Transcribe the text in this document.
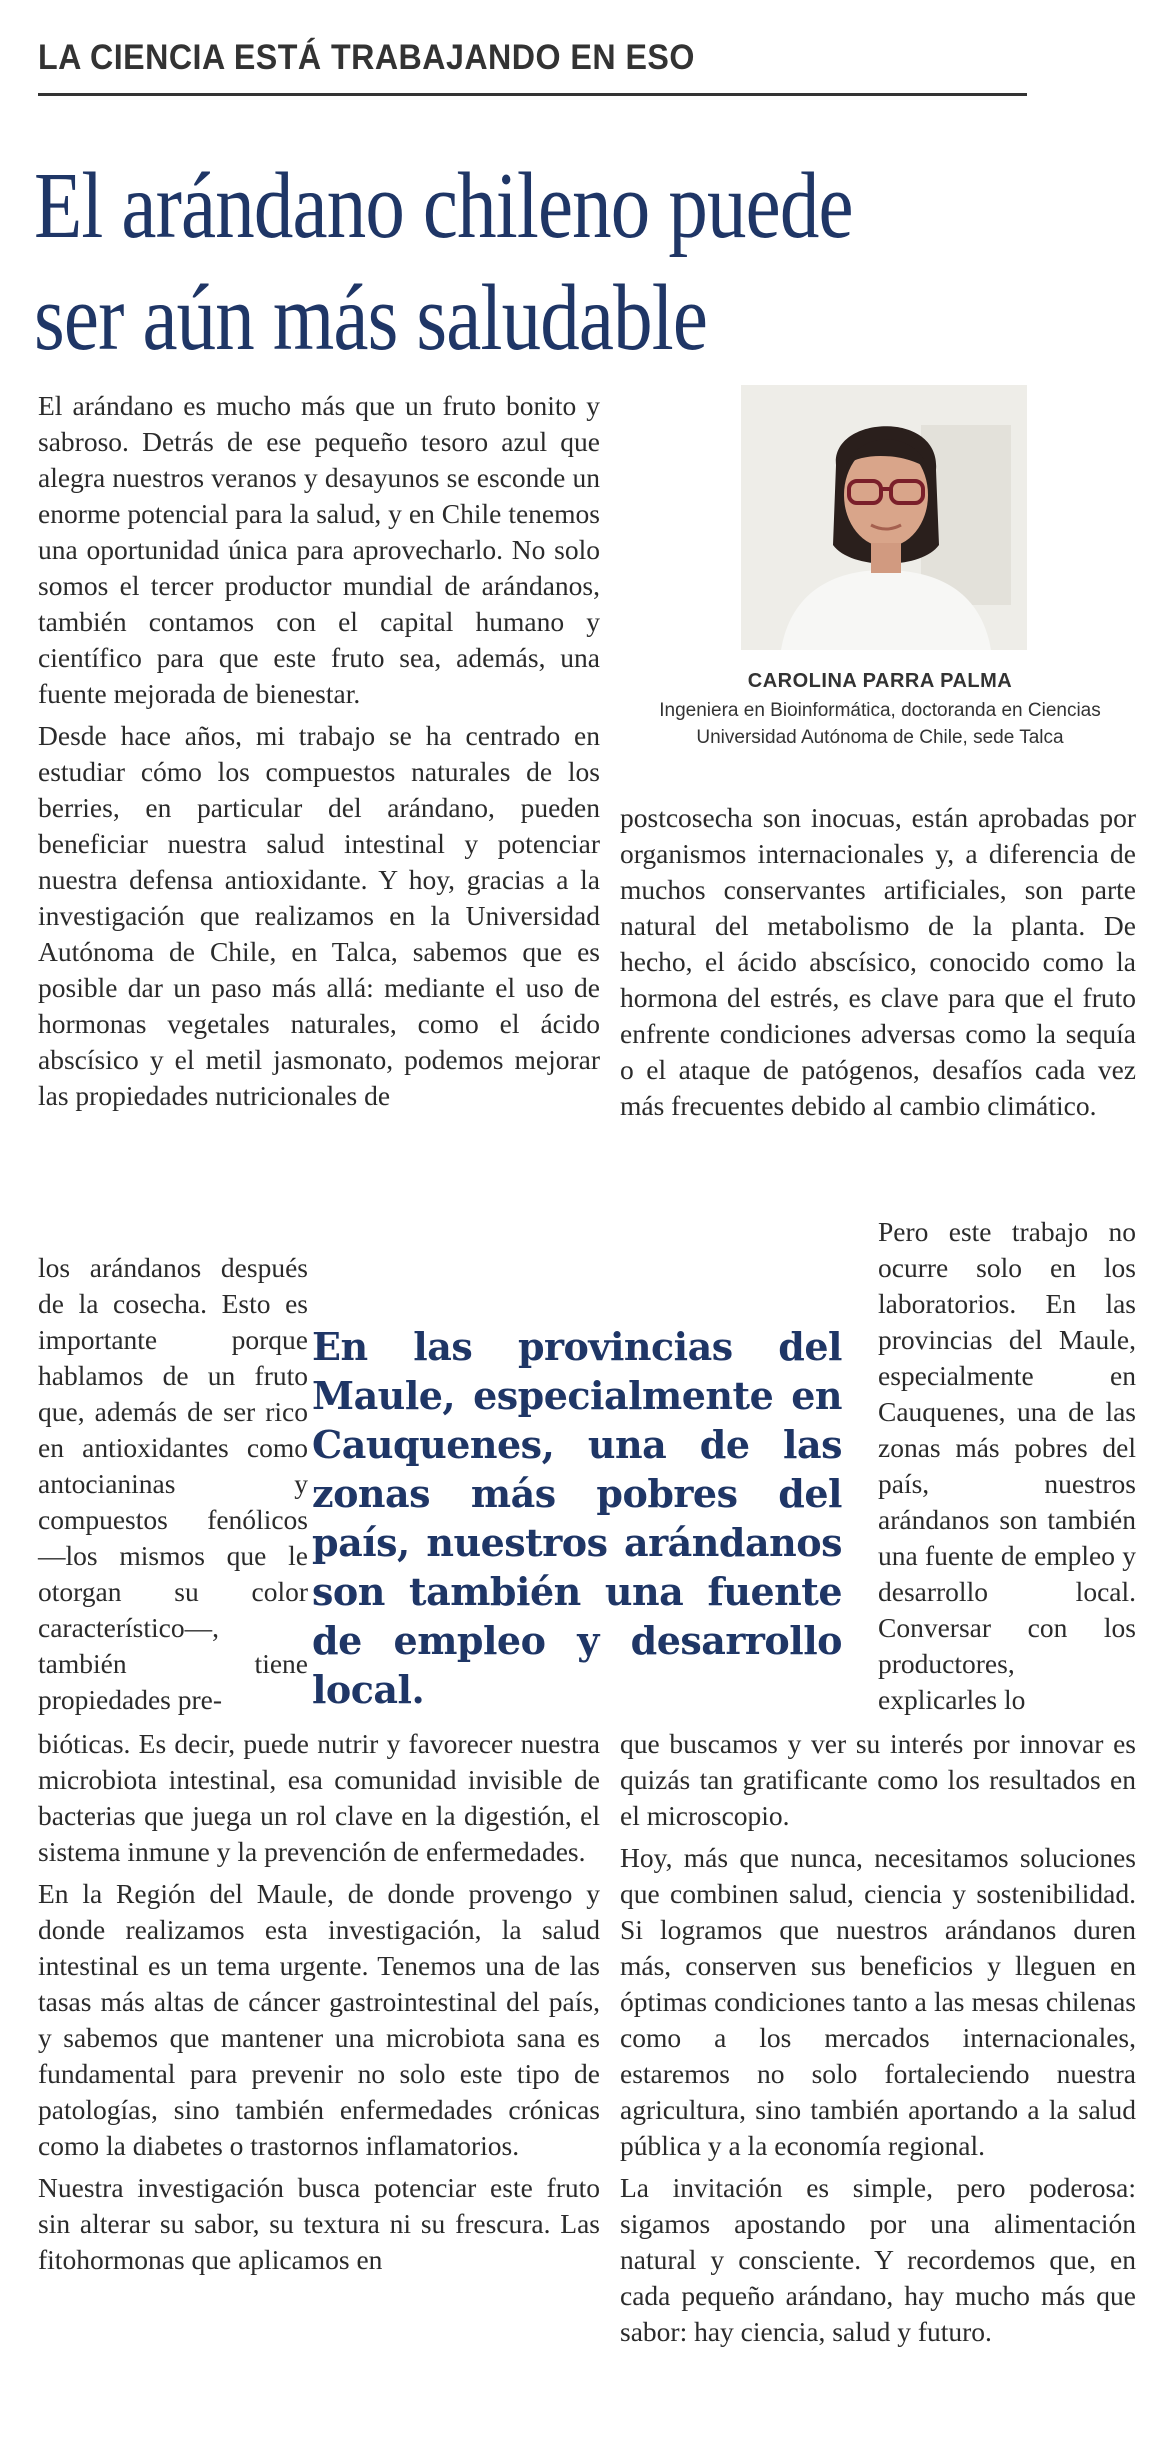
LA CIENCIA ESTÁ TRABAJANDO EN ESO
El arándano chileno puede ser aún más saludable

El arándano es mucho más que un fruto bonito y sabroso. Detrás de ese pequeño tesoro azul que alegra nuestros veranos y desayunos se esconde un enorme potencial para la salud, y en Chile tenemos una oportunidad única para aprovecharlo. No solo somos el tercer productor mundial de arándanos, también contamos con el capital humano y científico para que este fruto sea, además, una fuente mejorada de bienestar.

Desde hace años, mi trabajo se ha centrado en estudiar cómo los compuestos naturales de los berries, en particular del arándano, pueden beneficiar nuestra salud intestinal y potenciar nuestra defensa antioxidante. Y hoy, gracias a la investigación que realizamos en la Universidad Autónoma de Chile, en Talca, sabemos que es posible dar un paso más allá: mediante el uso de hormonas vegetales naturales, como el ácido abscísico y el metil jasmonato, podemos mejorar las propiedades nutricionales de

CAROLINA PARRA PALMA
Ingeniera en Bioinformática, doctoranda en Ciencias
Universidad Autónoma de Chile, sede Talca

postcosecha son inocuas, están aprobadas por organismos internacionales y, a diferencia de muchos conservantes artificiales, son parte natural del metabolismo de la planta. De hecho, el ácido abscísico, conocido como la hormona del estrés, es clave para que el fruto enfrente condiciones adversas como la sequía o el ataque de patógenos, desafíos cada vez más frecuentes debido al cambio climático.

los arándanos después de la cosecha. Esto es importante porque hablamos de un fruto que, además de ser rico en antioxidantes como antocianinas y compuestos fenólicos —los mismos que le otorgan su color característico—, también tiene propiedades pre-
En las provincias del Maule, especialmente en Cauquenes, una de las zonas más pobres del país, nuestros arándanos son también una fuente de empleo y desarrollo local.
Pero este trabajo no ocurre solo en los laboratorios. En las provincias del Maule, especialmente en Cauquenes, una de las zonas más pobres del país, nuestros arándanos son también una fuente de empleo y desarrollo local. Conversar con los productores, explicarles lo

bióticas. Es decir, puede nutrir y favorecer nuestra microbiota intestinal, esa comunidad invisible de bacterias que juega un rol clave en la digestión, el sistema inmune y la prevención de enfermedades.

En la Región del Maule, de donde provengo y donde realizamos esta investigación, la salud intestinal es un tema urgente. Tenemos una de las tasas más altas de cáncer gastrointestinal del país, y sabemos que mantener una microbiota sana es fundamental para prevenir no solo este tipo de patologías, sino también enfermedades crónicas como la diabetes o trastornos inflamatorios.

Nuestra investigación busca potenciar este fruto sin alterar su sabor, su textura ni su frescura. Las fitohormonas que aplicamos en

que buscamos y ver su interés por innovar es quizás tan gratificante como los resultados en el microscopio.

Hoy, más que nunca, necesitamos soluciones que combinen salud, ciencia y sostenibilidad. Si logramos que nuestros arándanos duren más, conserven sus beneficios y lleguen en óptimas condiciones tanto a las mesas chilenas como a los mercados internacionales, estaremos no solo fortaleciendo nuestra agricultura, sino también aportando a la salud pública y a la economía regional.

La invitación es simple, pero poderosa: sigamos apostando por una alimentación natural y consciente. Y recordemos que, en cada pequeño arándano, hay mucho más que sabor: hay ciencia, salud y futuro.
